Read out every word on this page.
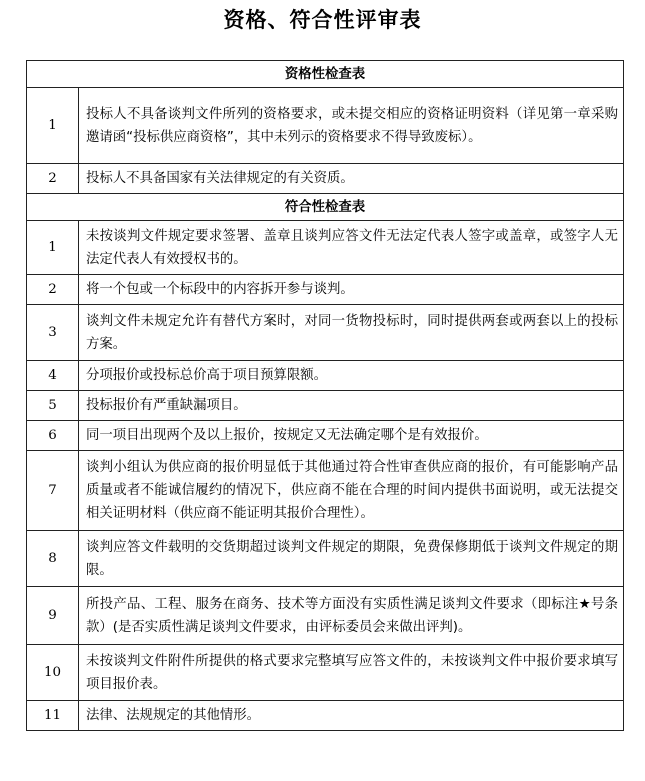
资格、符合性评审表
资格性检查表	
1	投标人不具备谈判文件所列的资格要求，或未提交相应的资格证明资料（详见第一章采购邀请函“投标供应商资格”，其中未列示的资格要求不得导致废标）。
2	投标人不具备国家有关法律规定的有关资质。
符合性检查表	
1	未按谈判文件规定要求签署、盖章且谈判应答文件无法定代表人签字或盖章，或签字人无法定代表人有效授权书的。
2	将一个包或一个标段中的内容拆开参与谈判。
3	谈判文件未规定允许有替代方案时，对同一货物投标时，同时提供两套或两套以上的投标方案。
4	分项报价或投标总价高于项目预算限额。
5	投标报价有严重缺漏项目。
6	同一项目出现两个及以上报价，按规定又无法确定哪个是有效报价。
7	谈判小组认为供应商的报价明显低于其他通过符合性审查供应商的报价，有可能影响产品质量或者不能诚信履约的情况下，供应商不能在合理的时间内提供书面说明，或无法提交相关证明材料（供应商不能证明其报价合理性）。
8	谈判应答文件载明的交货期超过谈判文件规定的期限，免费保修期低于谈判文件规定的期限。
9	所投产品、工程、服务在商务、技术等方面没有实质性满足谈判文件要求（即标注★号条款）(是否实质性满足谈判文件要求，由评标委员会来做出评判)。
10	未按谈判文件附件所提供的格式要求完整填写应答文件的，未按谈判文件中报价要求填写项目报价表。
11	法律、法规规定的其他情形。
